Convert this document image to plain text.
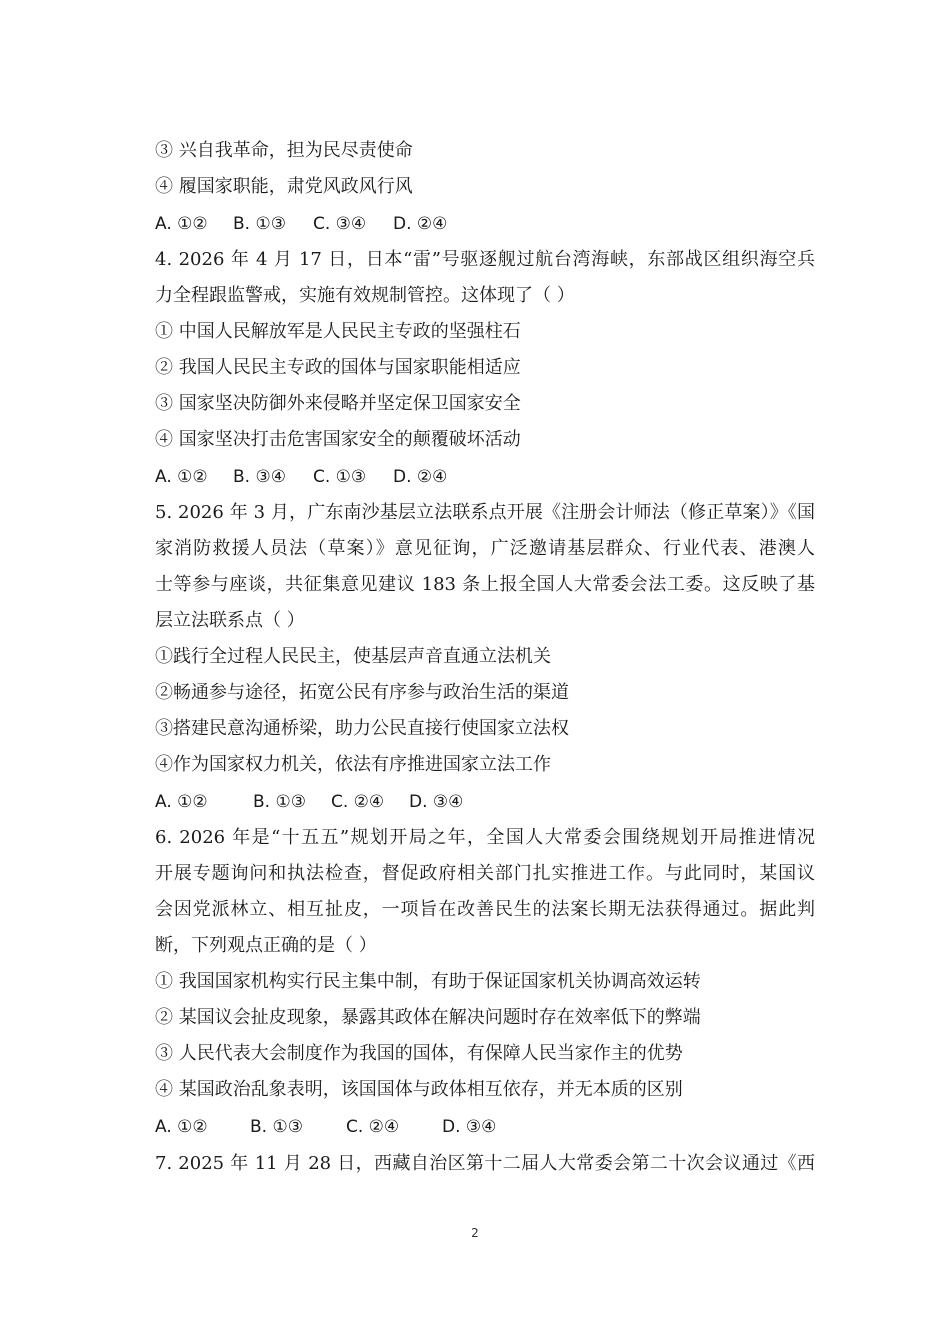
③ 兴自我革命，担为民尽责使命
④ 履国家职能，肃党风政风行风
A. ①② B. ①③ C. ③④ D. ②④
4. 2026 年 4 月 17 日，日本“雷”号驱逐舰过航台湾海峡，东部战区组织海空兵
力全程跟监警戒，实施有效规制管控。这体现了（ ）
① 中国人民解放军是人民民主专政的坚强柱石
② 我国人民民主专政的国体与国家职能相适应
③ 国家坚决防御外来侵略并坚定保卫国家安全
④ 国家坚决打击危害国家安全的颠覆破坏活动
A. ①② B. ③④ C. ①③ D. ②④
5. 2026 年 3 月，广东南沙基层立法联系点开展《注册会计师法（修正草案）》《国
家消防救援人员法（草案）》意见征询，广泛邀请基层群众、行业代表、港澳人
士等参与座谈，共征集意见建议 183 条上报全国人大常委会法工委。这反映了基
层立法联系点（ ）
①践行全过程人民民主，使基层声音直通立法机关
②畅通参与途径，拓宽公民有序参与政治生活的渠道
③搭建民意沟通桥梁，助力公民直接行使国家立法权
④作为国家权力机关，依法有序推进国家立法工作
A. ①②	B. ①③ C. ②④ D. ③④
6. 2026 年是“十五五”规划开局之年，全国人大常委会围绕规划开局推进情况
开展专题询问和执法检查，督促政府相关部门扎实推进工作。与此同时，某国议
会因党派林立、相互扯皮，一项旨在改善民生的法案长期无法获得通过。据此判
断，下列观点正确的是（ ）
① 我国国家机构实行民主集中制，有助于保证国家机关协调高效运转
② 某国议会扯皮现象，暴露其政体在解决问题时存在效率低下的弊端
③ 人民代表大会制度作为我国的国体，有保障人民当家作主的优势
④ 某国政治乱象表明，该国国体与政体相互依存，并无本质的区别
A. ①② B. ①③	C. ②④	D. ③④
7. 2025 年 11 月 28 日，西藏自治区第十二届人大常委会第二十次会议通过《西
2
